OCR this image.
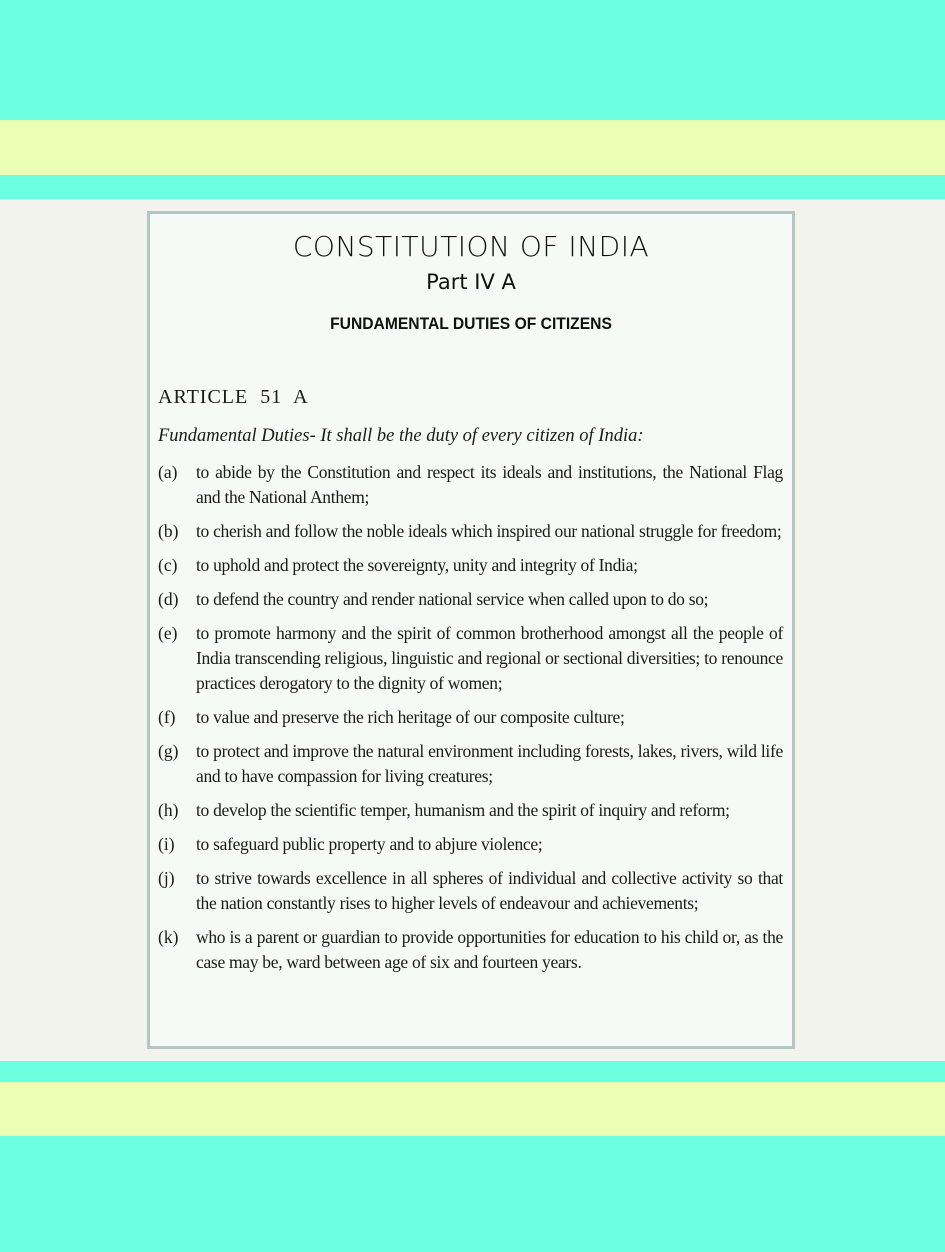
CONSTITUTION OF INDIA
Part IV A
FUNDAMENTAL DUTIES OF CITIZENS
ARTICLE 51 A
Fundamental Duties- It shall be the duty of every citizen of India:
(a)	to abide by the Constitution and respect its ideals and institutions, the National Flag and the National Anthem;
(b)	to cherish and follow the noble ideals which inspired our national struggle for freedom;
(c)	to uphold and protect the sovereignty, unity and integrity of India;
(d)	to defend the country and render national service when called upon to do so;
(e)	to promote harmony and the spirit of common brotherhood amongst all the people of India transcending religious, linguistic and regional or sectional diversities; to renounce practices derogatory to the dignity of women;
(f)	to value and preserve the rich heritage of our composite culture;
(g)	to protect and improve the natural environment including forests, lakes, rivers, wild life and to have compassion for living creatures;
(h)	to develop the scientific temper, humanism and the spirit of inquiry and reform;
(i)	to safeguard public property and to abjure violence;
(j)	to strive towards excellence in all spheres of individual and collective activity so that the nation constantly rises to higher levels of endeavour and achievements;
(k)	who is a parent or guardian to provide opportunities for education to his child or, as the case may be, ward between age of six and fourteen years.
